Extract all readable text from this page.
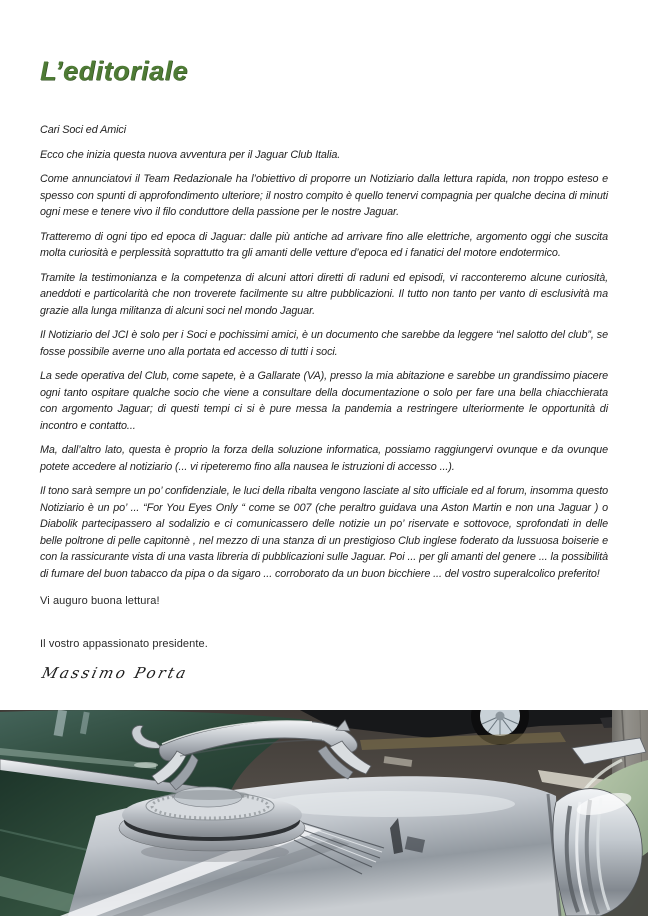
L’editoriale

Cari Soci ed Amici

Ecco che inizia questa nuova avventura per il Jaguar Club Italia.

Come annunciatovi il Team Redazionale ha l’obiettivo di proporre un Notiziario dalla lettura rapida, non troppo esteso e spesso con spunti di approfondimento ulteriore; il nostro compito è quello tenervi compagnia per qualche decina di minuti ogni mese e tenere vivo il filo conduttore della passione per le nostre Jaguar.

Tratteremo di ogni tipo ed epoca di Jaguar: dalle più antiche ad arrivare fino alle elettriche, argomento oggi che suscita molta curiosità e perplessità soprattutto tra gli amanti delle vetture d’epoca ed i fanatici del motore endotermico.

Tramite la testimonianza e la competenza di alcuni attori diretti di raduni ed episodi, vi racconteremo alcune curiosità, aneddoti e particolarità che non troverete facilmente su altre pubblicazioni. Il tutto non tanto per vanto di esclusività ma grazie alla lunga militanza di alcuni soci nel mondo Jaguar.

Il Notiziario del JCI è solo per i Soci e pochissimi amici, è un documento che sarebbe da leggere “nel salotto del club”, se fosse possibile averne uno alla portata ed accesso di tutti i soci.

La sede operativa del Club, come sapete, è a Gallarate (VA), presso la mia abitazione e sarebbe un grandissimo piacere ogni tanto ospitare qualche socio che viene a consultare della documentazione o solo per fare una bella chiacchierata con argomento Jaguar; di questi tempi ci si è pure messa la pandemia a restringere ulteriormente le opportunità di incontro e contatto...

Ma, dall’altro lato, questa è proprio la forza della soluzione informatica, possiamo raggiungervi ovunque e da ovunque potete accedere al notiziario (... vi ripeteremo fino alla nausea le istruzioni di accesso ...).

Il tono sarà sempre un po’ confidenziale, le luci della ribalta vengono lasciate al sito ufficiale ed al forum, insomma questo Notiziario è un po’ ... “For You Eyes Only “ come se 007 (che peraltro guidava una Aston Martin e non una Jaguar ) o Diabolik partecipassero al sodalizio e ci comunicassero delle notizie un po’ riservate e sottovoce, sprofondati in delle belle poltrone di pelle capitonnè , nel mezzo di una stanza di un prestigioso Club inglese foderato da lussuosa boiserie e con la rassicurante vista di una vasta libreria di pubblicazioni sulle Jaguar. Poi ... per gli amanti del genere ... la possibilità di fumare del buon tabacco da pipa o da sigaro ... corroborato da un buon bicchiere ... del vostro superalcolico preferito!

Vi auguro buona lettura!

Il vostro appassionato presidente.

Massimo Porta
